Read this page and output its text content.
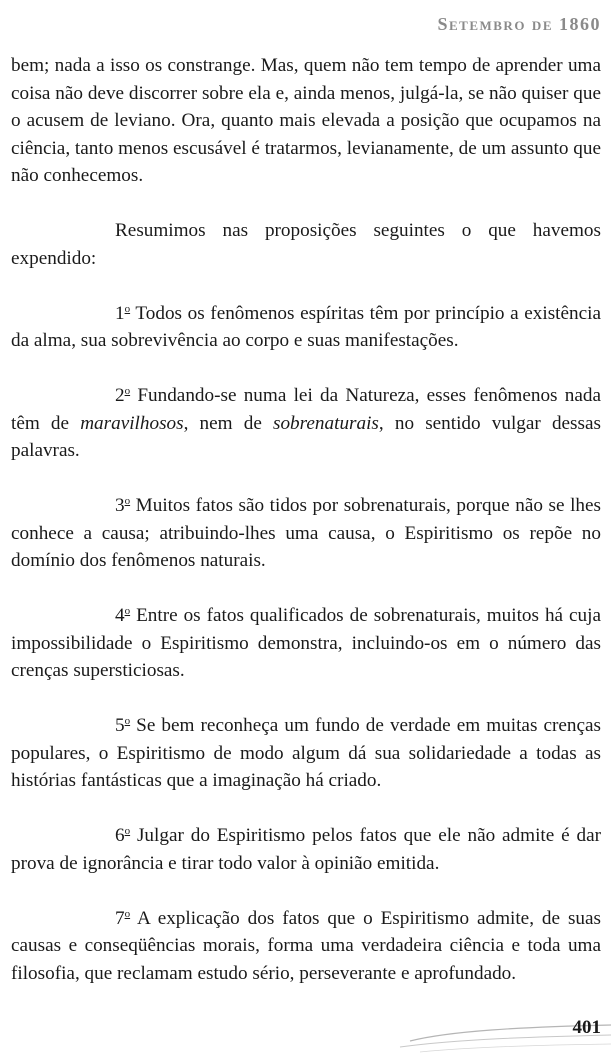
Setembro de 1860

bem; nada a isso os constrange. Mas, quem não tem tempo de aprender uma coisa não deve discorrer sobre ela e, ainda menos, julgá-la, se não quiser que o acusem de leviano. Ora, quanto mais elevada a posição que ocupamos na ciência, tanto menos escusável é tratarmos, levianamente, de um assunto que não conhecemos.

Resumimos nas proposições seguintes o que havemos expendido:

1$^o$ Todos os fenômenos espíritas têm por princípio a existência da alma, sua sobrevivência ao corpo e suas manifestações.

2$^o$ Fundando-se numa lei da Natureza, esses fenômenos nada têm de maravilhosos, nem de sobrenaturais, no sentido vulgar dessas palavras.

3$^o$ Muitos fatos são tidos por sobrenaturais, porque não se lhes conhece a causa; atribuindo-lhes uma causa, o Espiritismo os repõe no domínio dos fenômenos naturais.

4$^o$ Entre os fatos qualificados de sobrenaturais, muitos há cuja impossibilidade o Espiritismo demonstra, incluindo-os em o número das crenças supersticiosas.

5$^o$ Se bem reconheça um fundo de verdade em muitas crenças populares, o Espiritismo de modo algum dá sua solidariedade a todas as histórias fantásticas que a imaginação há criado.

6$^o$ Julgar do Espiritismo pelos fatos que ele não admite é dar prova de ignorância e tirar todo valor à opinião emitida.

7$^o$ A explicação dos fatos que o Espiritismo admite, de suas causas e conseqüências morais, forma uma verdadeira ciência e toda uma filosofia, que reclamam estudo sério, perseverante e aprofundado.

401
